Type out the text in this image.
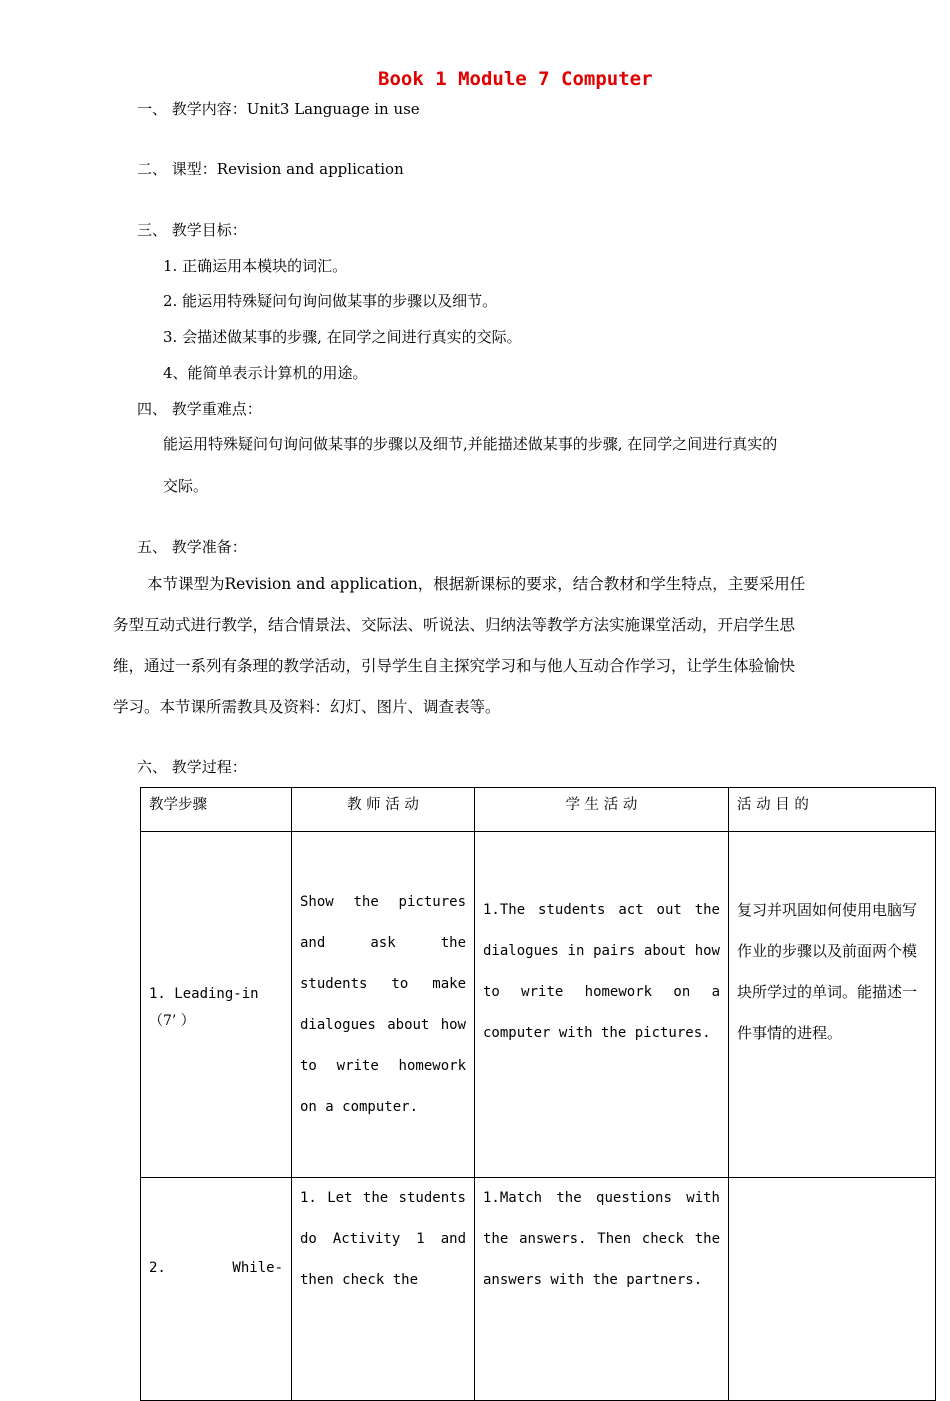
Book 1 Module 7 Computer
一、 教学内容：Unit3 Language in use
二、 课型：Revision and application
三、 教学目标：
1. 正确运用本模块的词汇。
2. 能运用特殊疑问句询问做某事的步骤以及细节。
3. 会描述做某事的步骤, 在同学之间进行真实的交际。
4、能简单表示计算机的用途。
四、 教学重难点：
能运用特殊疑问句询问做某事的步骤以及细节,并能描述做某事的步骤, 在同学之间进行真实的
交际。
五、 教学准备：
本节课型为Revision and application，根据新课标的要求，结合教材和学生特点，主要采用任
务型互动式进行教学，结合情景法、交际法、听说法、归纳法等教学方法实施课堂活动，开启学生思
维，通过一系列有条理的教学活动，引导学生自主探究学习和与他人互动合作学习，让学生体验愉快
学习。本节课所需教具及资料：幻灯、图片、调查表等。
六、 教学过程：
教学步骤	教 师 活 动	学 生 活 动	活 动 目 的

1. Leading-in
（7’ ）	Show the pictures and ask the students to make dialogues about how to write homework on a computer.	1.The students act out the dialogues in pairs about how to write homework on a computer with the pictures.	复习并巩固如何使用电脑写作业的步骤以及前面两个模块所学过的单词。能描述一件事情的进程。

2. While-	1. Let the students do Activity 1 and then check the	1.Match the questions with the answers. Then check the answers with the partners.	
